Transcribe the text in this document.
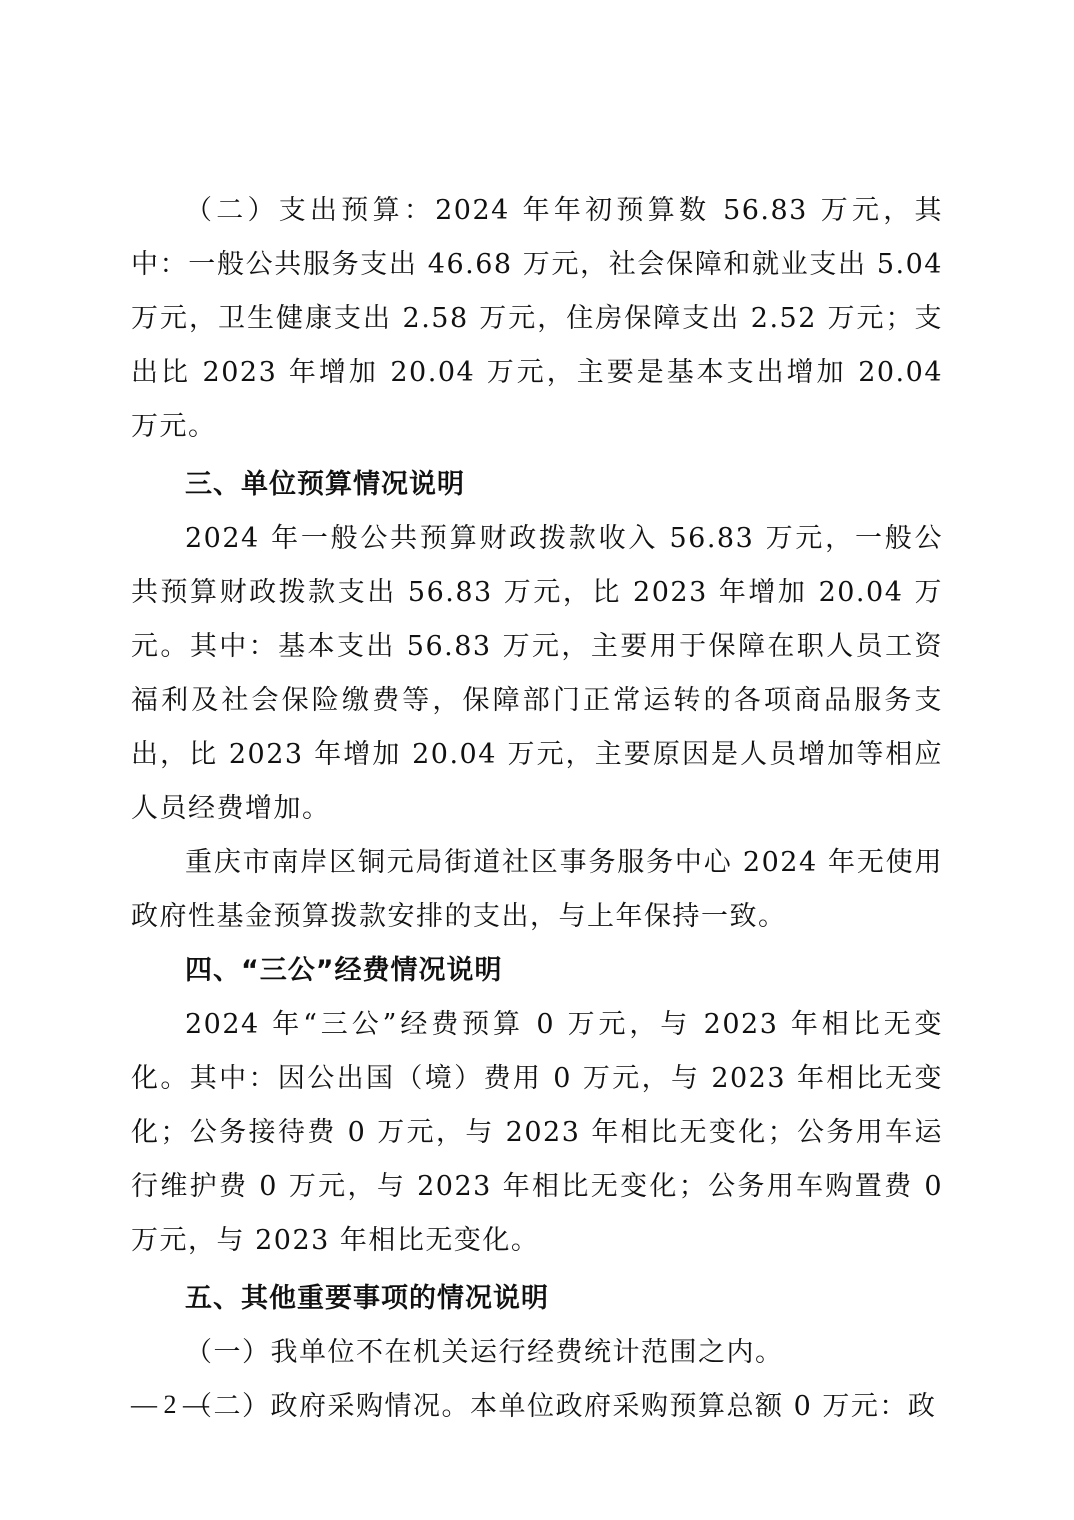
（二）支出预算：2024 年年初预算数 56.83 万元，其中：一般公共服务支出 46.68 万元，社会保障和就业支出 5.04 万元，卫生健康支出 2.58 万元，住房保障支出 2.52 万元；支出比 2023 年增加 20.04 万元，主要是基本支出增加 20.04 万元。

三、单位预算情况说明

2024 年一般公共预算财政拨款收入 56.83 万元，一般公共预算财政拨款支出 56.83 万元，比 2023 年增加 20.04 万元。其中：基本支出 56.83 万元，主要用于保障在职人员工资福利及社会保险缴费等，保障部门正常运转的各项商品服务支出，比 2023 年增加 20.04 万元，主要原因是人员增加等相应人员经费增加。

重庆市南岸区铜元局街道社区事务服务中心 2024 年无使用政府性基金预算拨款安排的支出，与上年保持一致。

四、“三公”经费情况说明

2024 年“三公”经费预算 0 万元，与 2023 年相比无变化。其中：因公出国（境）费用 0 万元，与 2023 年相比无变化；公务接待费 0 万元，与 2023 年相比无变化；公务用车运行维护费 0 万元，与 2023 年相比无变化；公务用车购置费 0 万元，与 2023 年相比无变化。

五、其他重要事项的情况说明

（一）我单位不在机关运行经费统计范围之内。

（二）政府采购情况。本单位政府采购预算总额 0 万元：政

— 2 —
